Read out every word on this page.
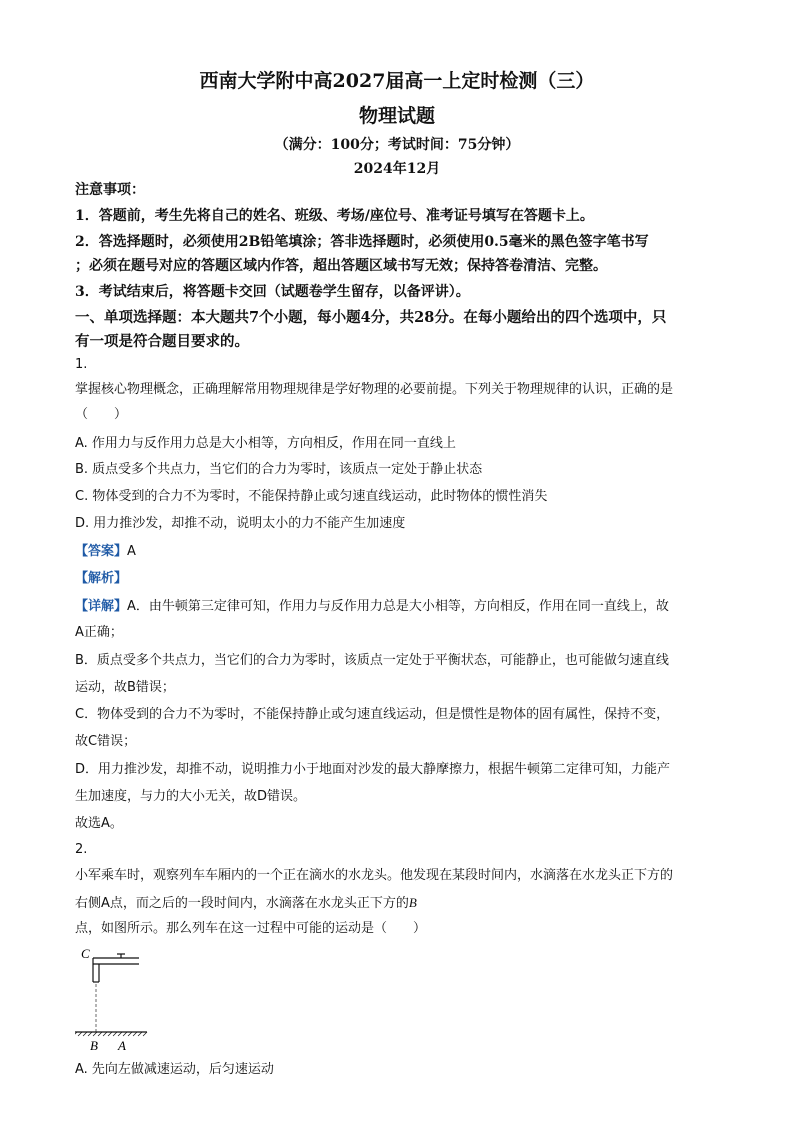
西南大学附中高2027届高一上定时检测（三）
物理试题
（满分：100分；考试时间：75分钟）
2024年12月
注意事项：
1．答题前，考生先将自己的姓名、班级、考场/座位号、准考证号填写在答题卡上。
2．答选择题时，必须使用2B铅笔填涂；答非选择题时，必须使用0.5毫米的黑色签字笔书写
；必须在题号对应的答题区域内作答，超出答题区域书写无效；保持答卷清洁、完整。
3．考试结束后，将答题卡交回（试题卷学生留存，以备评讲）。
一、单项选择题：本大题共7个小题，每小题4分，共28分。在每小题给出的四个选项中，只
有一项是符合题目要求的。
1.
掌握核心物理概念，正确理解常用物理规律是学好物理的必要前提。下列关于物理规律的认识，正确的是
（　　）
A. 作用力与反作用力总是大小相等，方向相反，作用在同一直线上
B. 质点受多个共点力，当它们的合力为零时，该质点一定处于静止状态
C. 物体受到的合力不为零时，不能保持静止或匀速直线运动，此时物体的惯性消失
D. 用力推沙发，却推不动，说明太小的力不能产生加速度
【答案】A
【解析】
【详解】A．由牛顿第三定律可知，作用力与反作用力总是大小相等，方向相反，作用在同一直线上，故
A正确；
B．质点受多个共点力，当它们的合力为零时，该质点一定处于平衡状态，可能静止，也可能做匀速直线
运动，故B错误；
C．物体受到的合力不为零时，不能保持静止或匀速直线运动，但是惯性是物体的固有属性，保持不变，
故C错误；
D．用力推沙发，却推不动，说明推力小于地面对沙发的最大静摩擦力，根据牛顿第二定律可知，力能产
生加速度，与力的大小无关，故D错误。
故选A。
2.
小军乘车时，观察列车车厢内的一个正在滴水的水龙头。他发现在某段时间内，水滴落在水龙头正下方的
右侧A点，而之后的一段时间内，水滴落在水龙头正下方的B
点，如图所示。那么列车在这一过程中可能的运动是（　　）
C
B A
A. 先向左做减速运动，后匀速运动
